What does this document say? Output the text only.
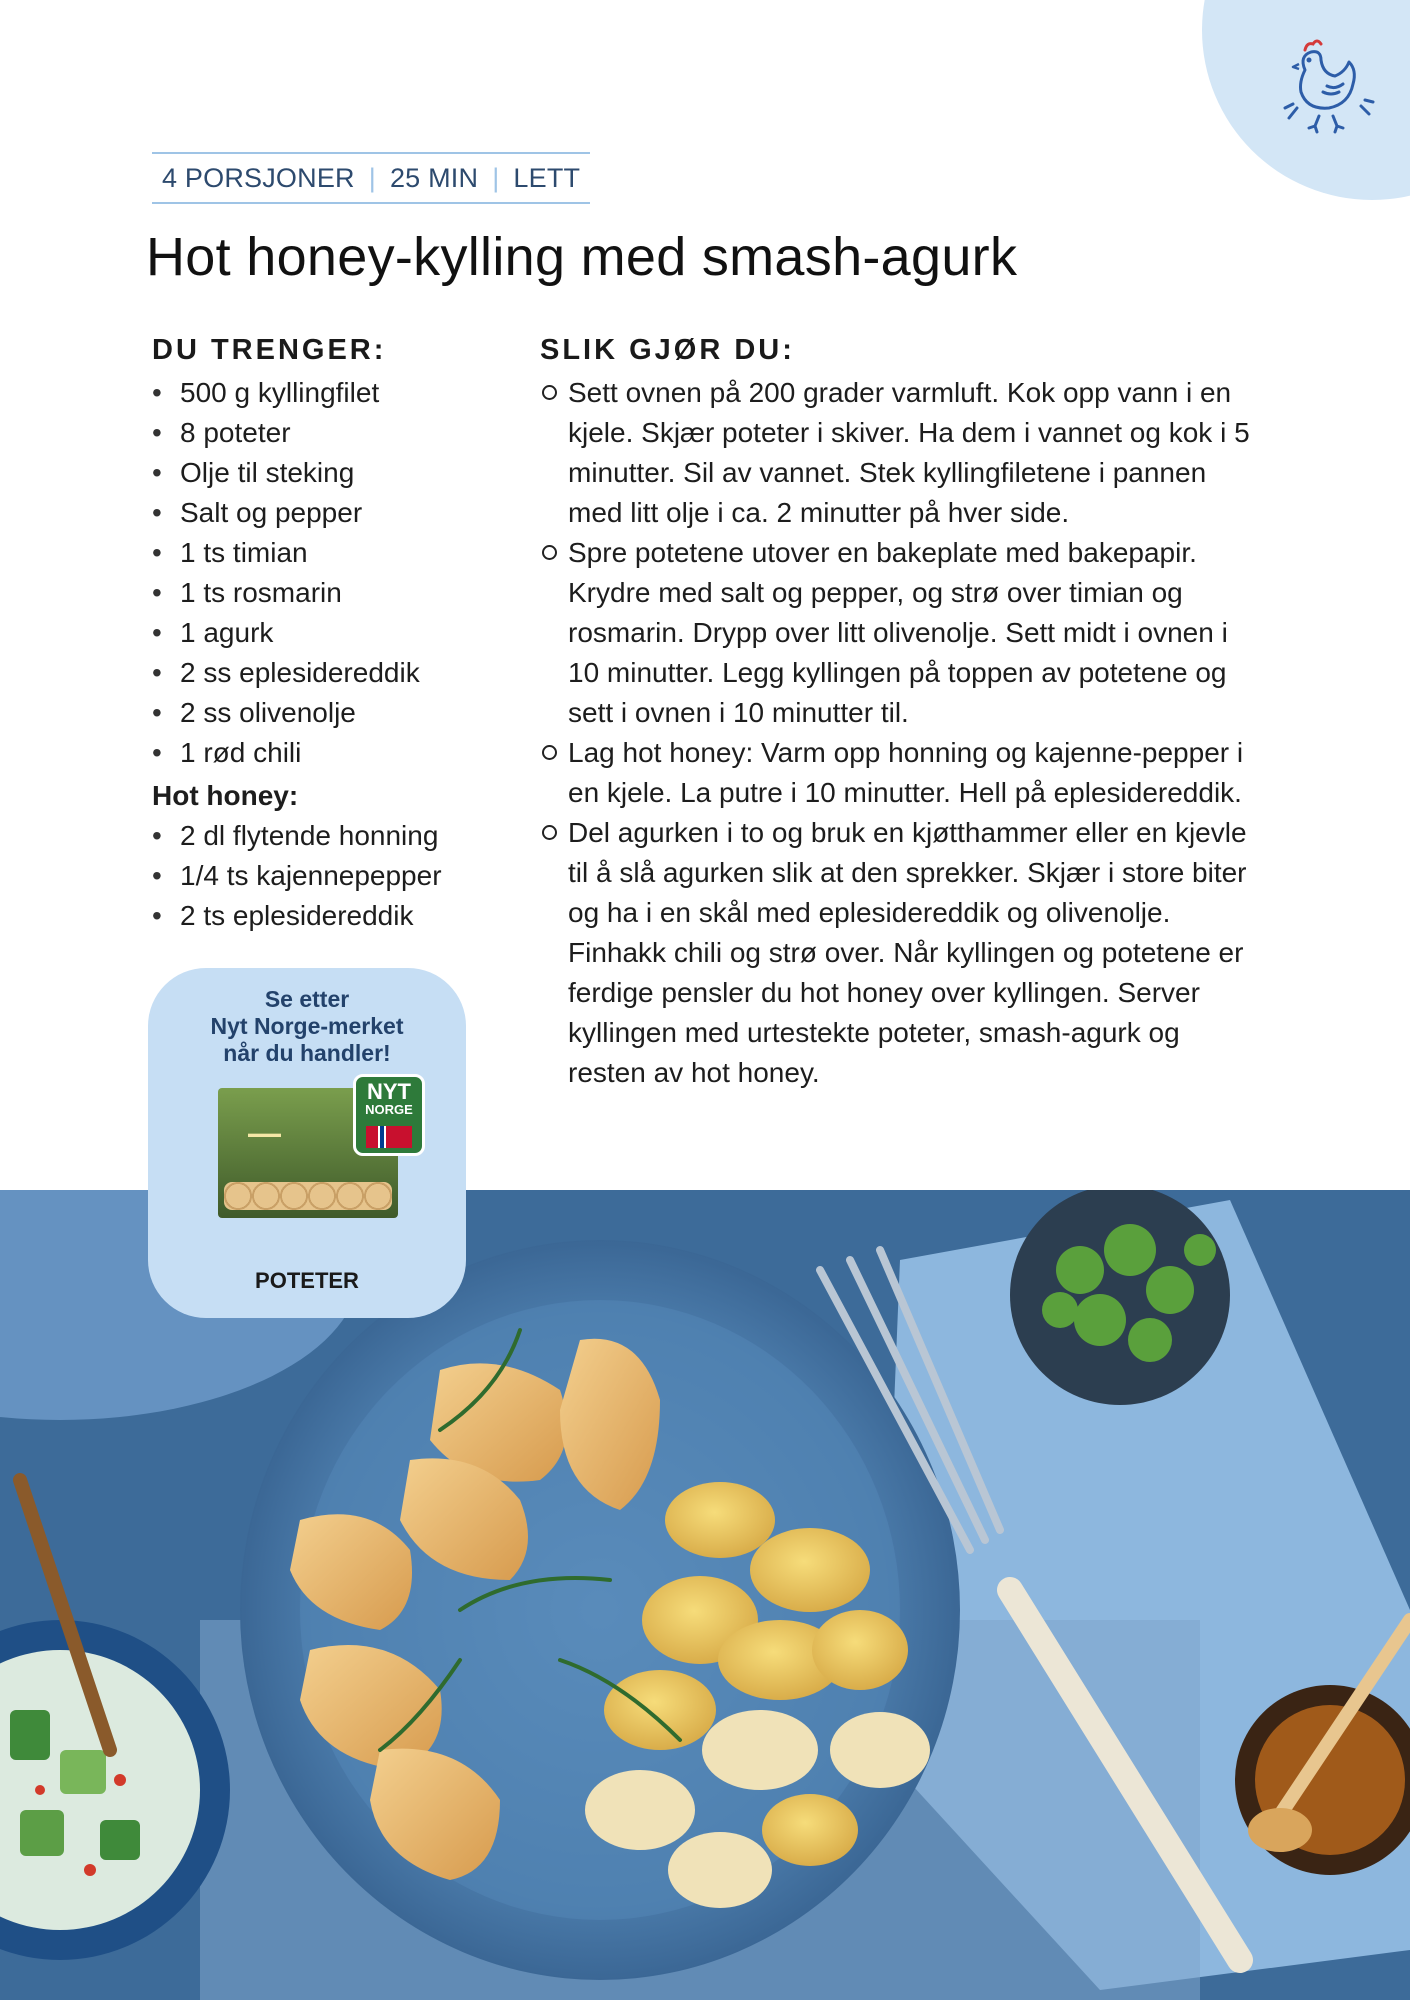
4 PORSJONER | 25 MIN | LETT
Hot honey-kylling med smash-agurk
DU TRENGER:
• 500 g kyllingfilet
• 8 poteter
• Olje til steking
• Salt og pepper
• 1 ts timian
• 1 ts rosmarin
• 1 agurk
• 2 ss eplesidereddik
• 2 ss olivenolje
• 1 rød chili
Hot honey:
• 2 dl flytende honning
• 1/4 ts kajennepepper
• 2 ts eplesidereddik
SLIK GJØR DU:
Sett ovnen på 200 grader varmluft. Kok opp vann i en kjele. Skjær poteter i skiver. Ha dem i vannet og kok i 5 minutter. Sil av vannet. Stek kyllingfiletene i pannen med litt olje i ca. 2 minutter på hver side.
Spre potetene utover en bakeplate med bakepapir. Krydre med salt og pepper, og strø over timian og rosmarin. Drypp over litt olivenolje. Sett midt i ovnen i 10 minutter. Legg kyllingen på toppen av potetene og sett i ovnen i 10 minutter til.
Lag hot honey: Varm opp honning og kajenne-pepper i en kjele. La putre i 10 minutter. Hell på eplesidereddik.
Del agurken i to og bruk en kjøtthammer eller en kjevle til å slå agurken slik at den sprekker. Skjær i store biter og ha i en skål med eplesidereddik og olivenolje. Finhakk chili og strø over. Når kyllingen og potetene er ferdige pensler du hot honey over kyllingen. Server kyllingen med urtestekte poteter, smash-agurk og resten av hot honey.

Se etter
Nyt Norge-merket
når du handler!

▬▬▬
NYT
NORGE
POTETER
